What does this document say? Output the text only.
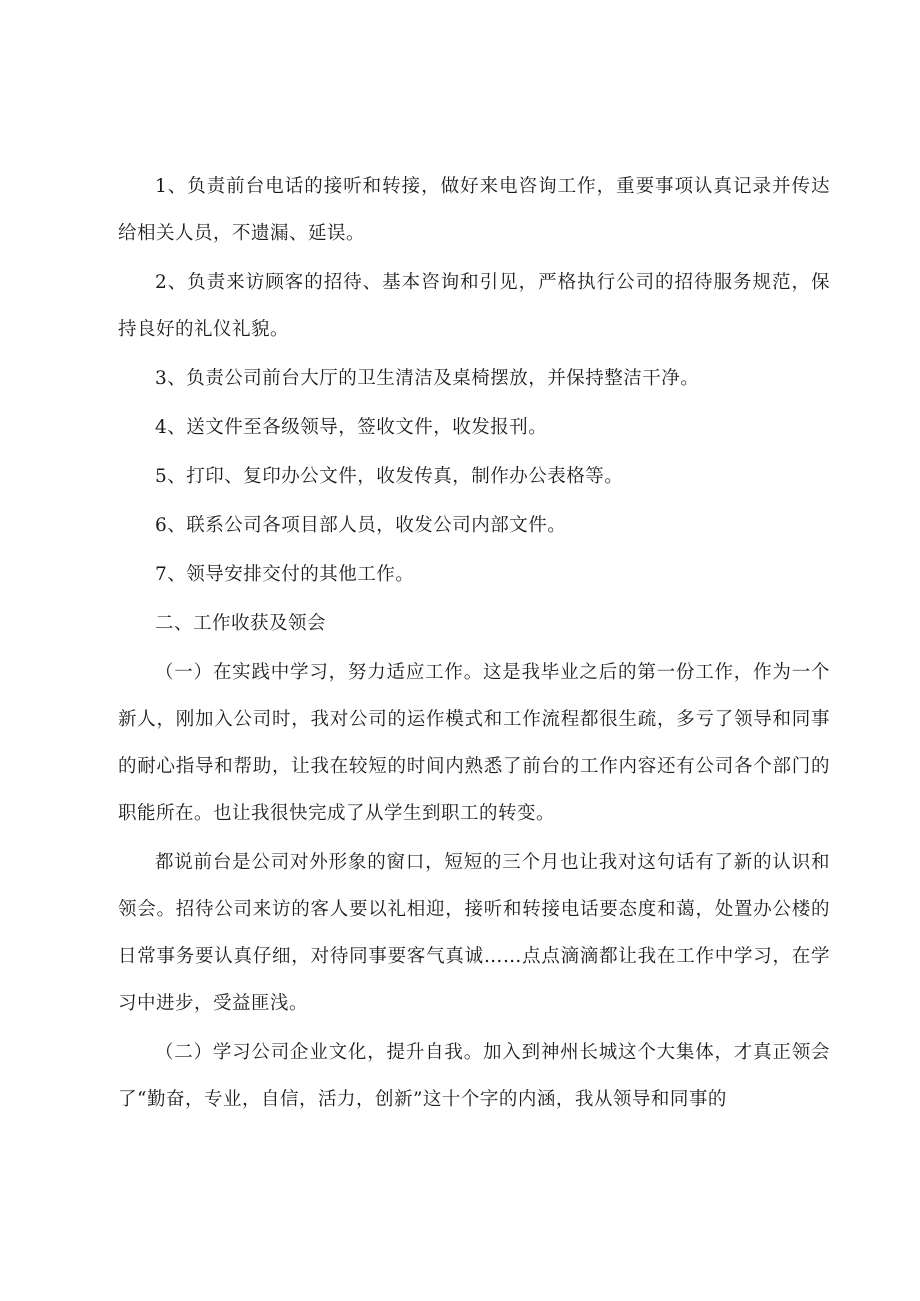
1、负责前台电话的接听和转接，做好来电咨询工作，重要事项认真记录并传达给相关人员，不遗漏、延误。

2、负责来访顾客的招待、基本咨询和引见，严格执行公司的招待服务规范，保持良好的礼仪礼貌。

3、负责公司前台大厅的卫生清洁及桌椅摆放，并保持整洁干净。

4、送文件至各级领导，签收文件，收发报刊。

5、打印、复印办公文件，收发传真，制作办公表格等。

6、联系公司各项目部人员，收发公司内部文件。

7、领导安排交付的其他工作。

二、工作收获及领会

（一）在实践中学习，努力适应工作。这是我毕业之后的第一份工作，作为一个新人，刚加入公司时，我对公司的运作模式和工作流程都很生疏，多亏了领导和同事的耐心指导和帮助，让我在较短的时间内熟悉了前台的工作内容还有公司各个部门的职能所在。也让我很快完成了从学生到职工的转变。

都说前台是公司对外形象的窗口，短短的三个月也让我对这句话有了新的认识和领会。招待公司来访的客人要以礼相迎，接听和转接电话要态度和蔼，处置办公楼的日常事务要认真仔细，对待同事要客气真诚……点点滴滴都让我在工作中学习，在学习中进步，受益匪浅。

（二）学习公司企业文化，提升自我。加入到神州长城这个大集体，才真正领会了“勤奋，专业，自信，活力，创新”这十个字的内涵，我从领导和同事的
